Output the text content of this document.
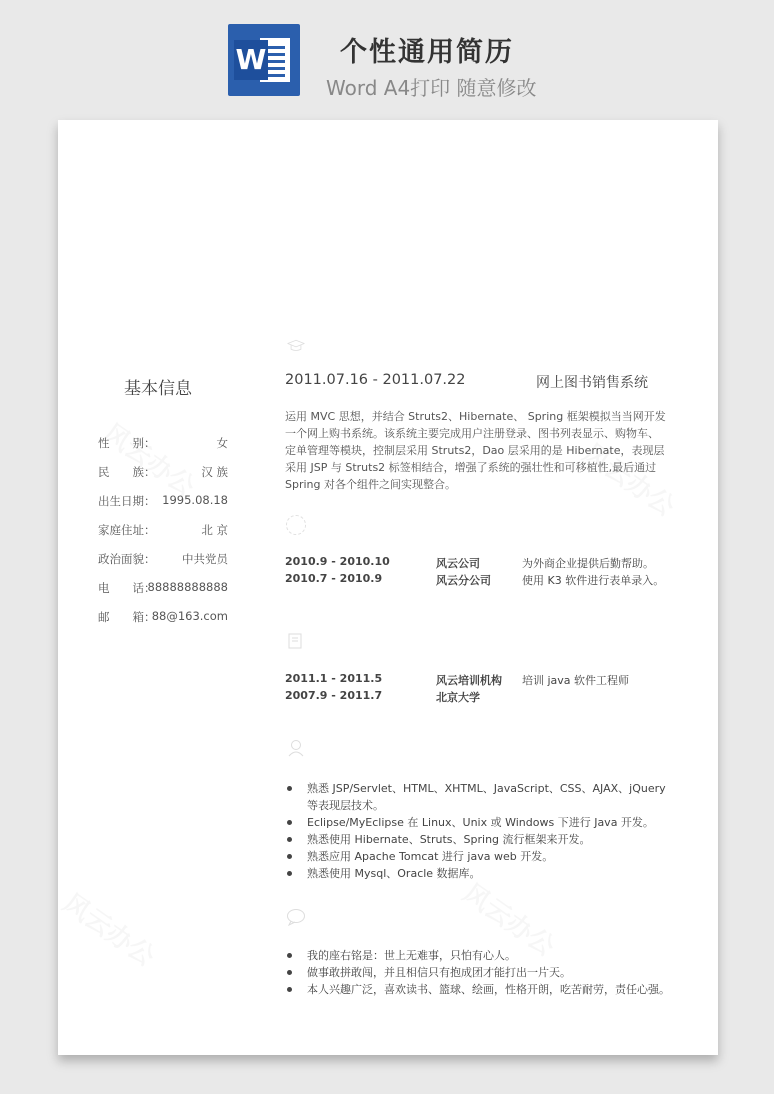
W	个性通用简历
Word A4打印 随意修改
基本信息
性　　别：	女
民　　族：	汉 族
出生日期： 1995.08.18
家庭住址：	北 京
政治面貌： 中共党员
电　　话：
88888888888
邮　　箱：
88@163.com
2011.07.16 - 2011.07.22	网上图书销售系统
运用 MVC 思想，并结合 Struts2、Hibernate、 Spring 框架模拟当当网开发一个网上购书系统。该系统主要完成用户注册登录、图书列表显示、购物车、定单管理等模块，控制层采用 Struts2，Dao 层采用的是 Hibernate，表现层采用 JSP 与 Struts2 标签相结合，增强了系统的强壮性和可移植性,最后通过 Spring 对各个组件之间实现整合。
2010.9 - 2010.10	风云公司	为外商企业提供后勤帮助。
2010.7 - 2010.9	风云分公司	使用 K3 软件进行表单录入。
2011.1 - 2011.5	风云培训机构 培训 java 软件工程师
2007.9 - 2011.7	北京大学
熟悉 JSP/Servlet、HTML、XHTML、JavaScript、CSS、AJAX、jQuery 等表现层技术。
Eclipse/MyEclipse 在 Linux、Unix 或 Windows 下进行 Java 开发。
熟悉使用 Hibernate、Struts、Spring 流行框架来开发。
熟悉应用 Apache Tomcat 进行 java web 开发。
熟悉使用 Mysql、Oracle 数据库。
我的座右铭是：世上无难事，只怕有心人。
做事敢拼敢闯，并且相信只有抱成团才能打出一片天。
本人兴趣广泛，喜欢读书、篮球、绘画，性格开朗，吃苦耐劳，责任心强。
